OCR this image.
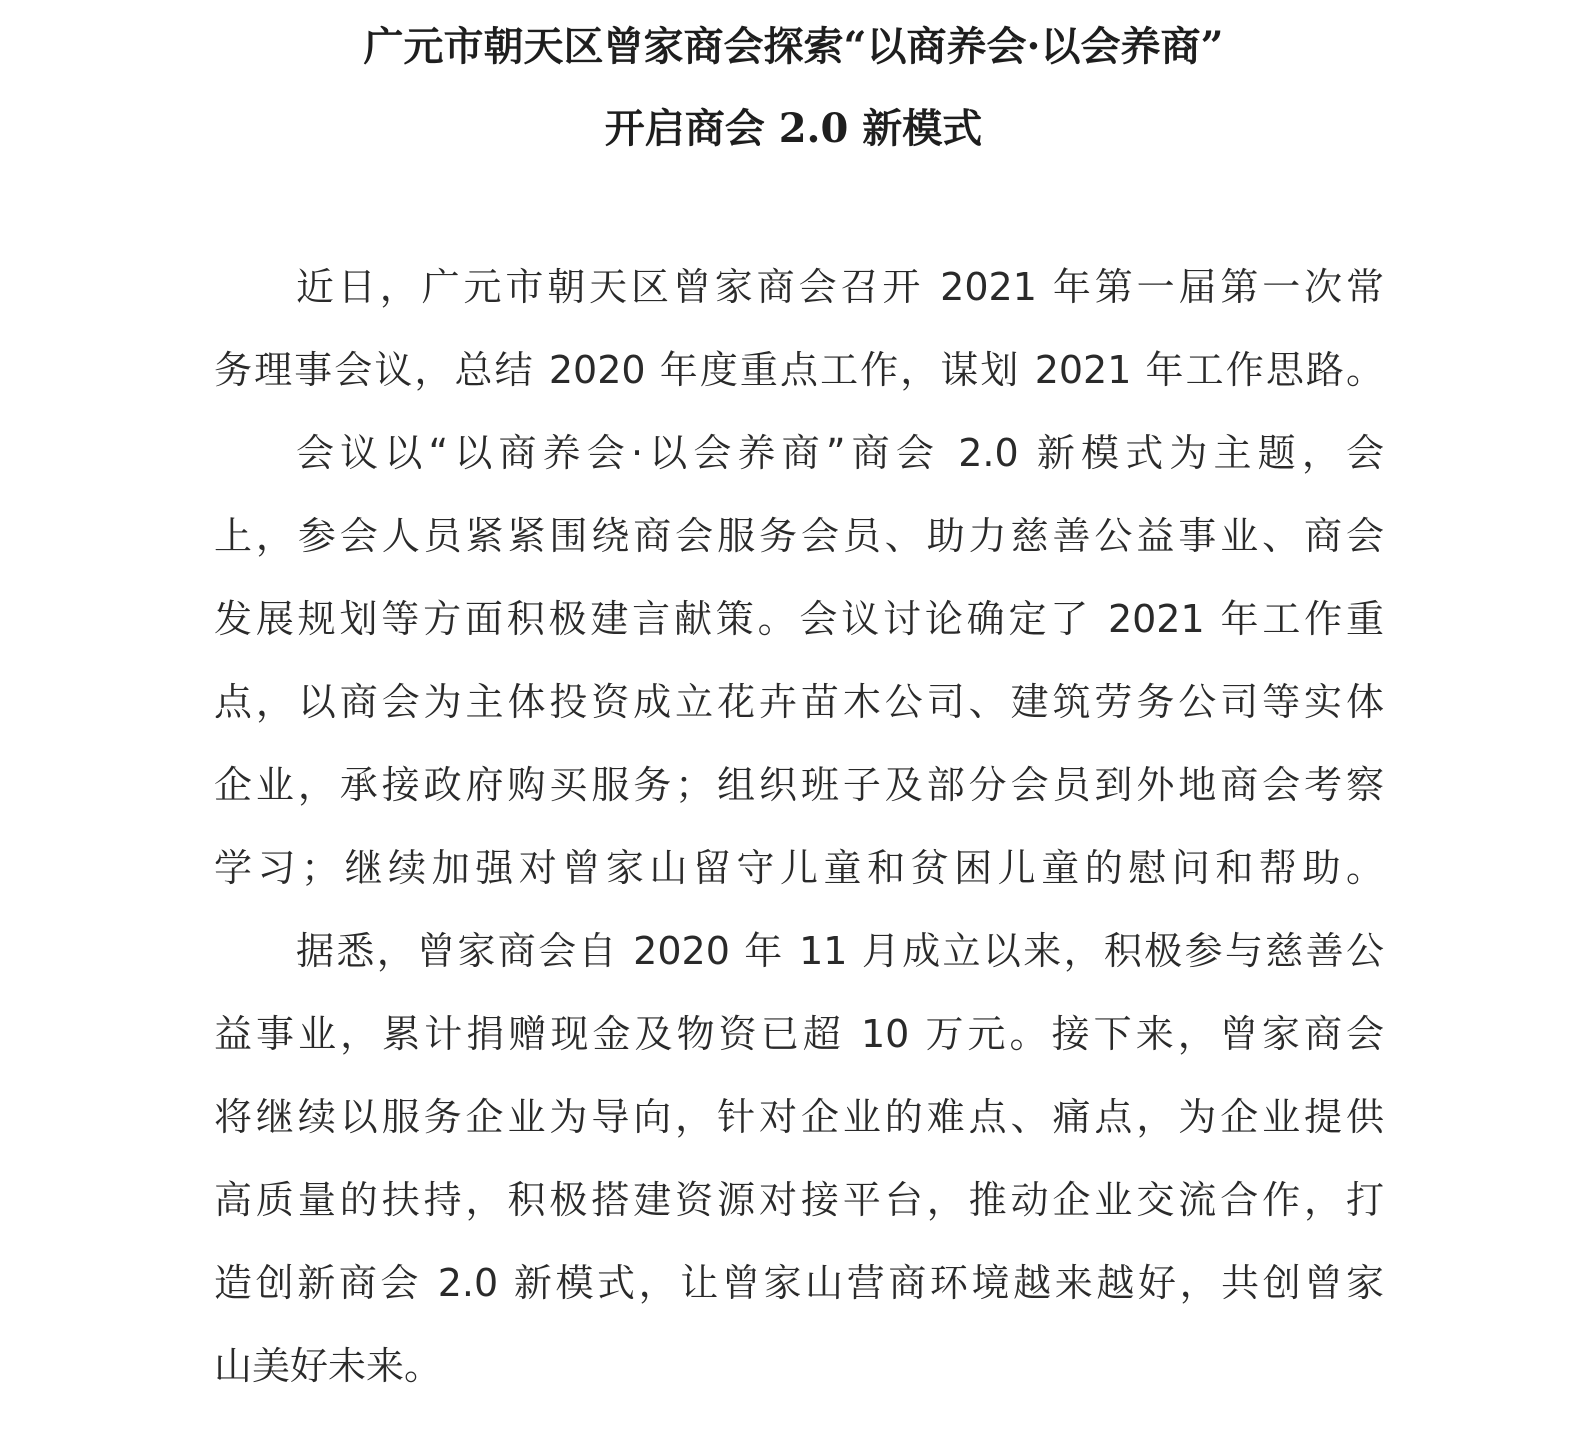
广元市朝天区曾家商会探索“以商养会·以会养商”
开启商会 2.0 新模式
近日，广元市朝天区曾家商会召开 2021 年第一届第一次常
务理事会议，总结 2020 年度重点工作，谋划 2021 年工作思路。
会议以“以商养会·以会养商”商会 2.0 新模式为主题，会
上，参会人员紧紧围绕商会服务会员、助力慈善公益事业、商会
发展规划等方面积极建言献策。会议讨论确定了 2021 年工作重
点，以商会为主体投资成立花卉苗木公司、建筑劳务公司等实体
企业，承接政府购买服务；组织班子及部分会员到外地商会考察
学习；继续加强对曾家山留守儿童和贫困儿童的慰问和帮助。
据悉，曾家商会自 2020 年 11 月成立以来，积极参与慈善公
益事业，累计捐赠现金及物资已超 10 万元。接下来，曾家商会
将继续以服务企业为导向，针对企业的难点、痛点，为企业提供
高质量的扶持，积极搭建资源对接平台，推动企业交流合作，打
造创新商会 2.0 新模式，让曾家山营商环境越来越好，共创曾家
山美好未来。
